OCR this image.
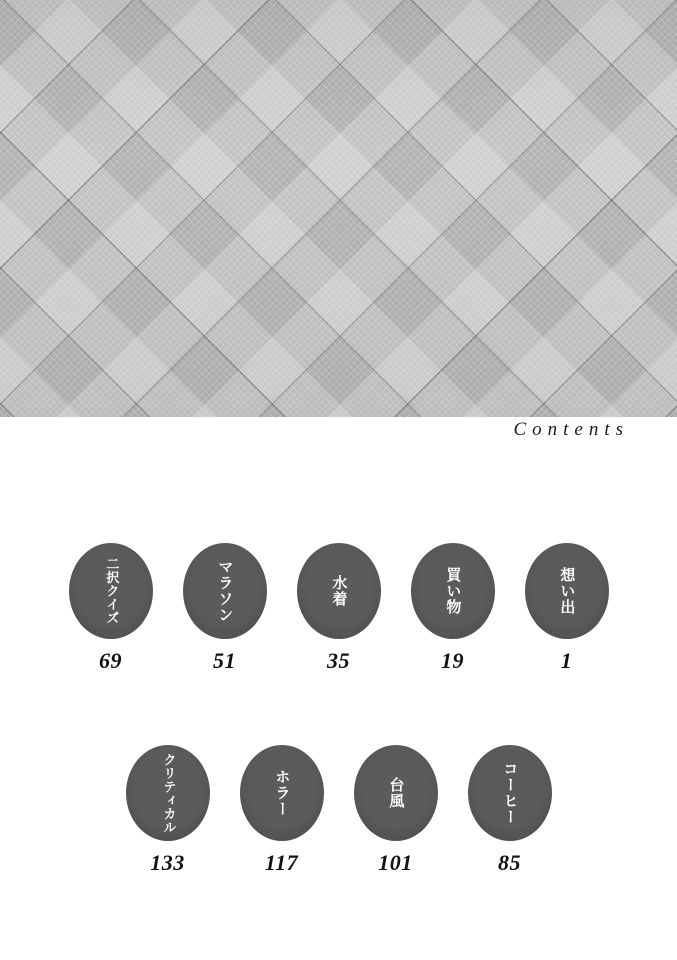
Contents
二択クイズ
69
マラソン
51
水着
35
買い物
19
想い出
1
クリティカル
133
ホラー
117
台風
101
コーヒー
85
